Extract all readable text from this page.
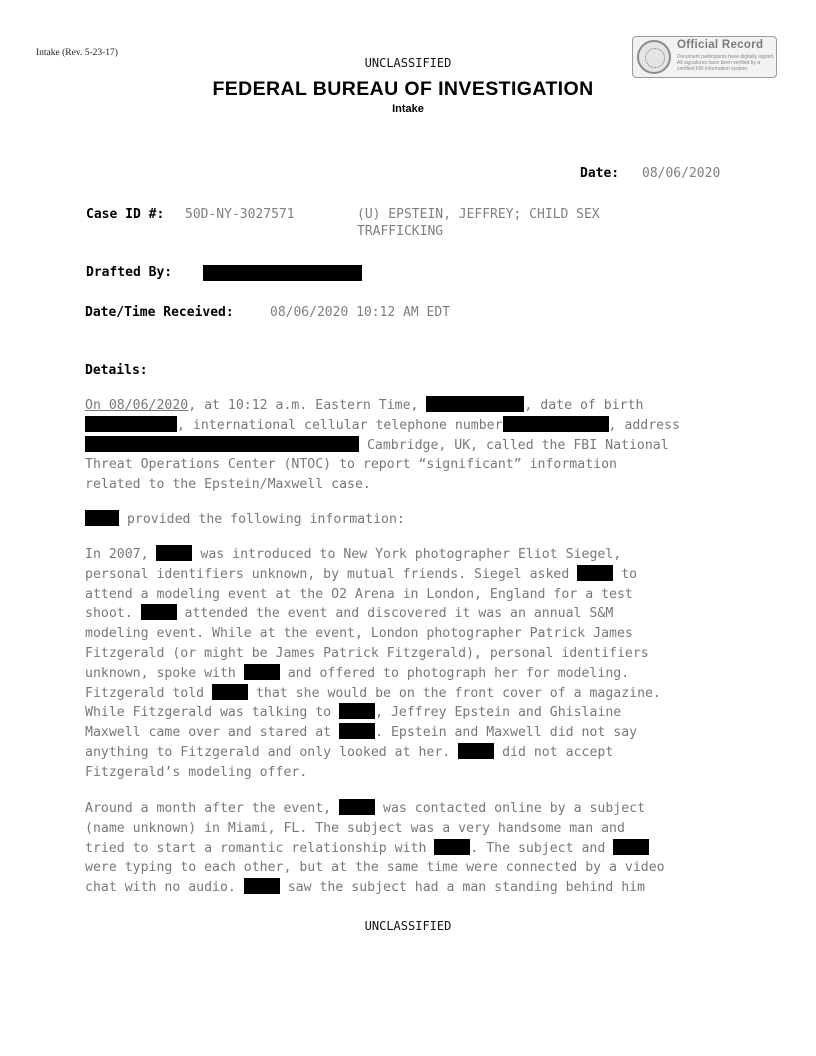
Intake (Rev. 5-23-17)
UNCLASSIFIED
FEDERAL BUREAU OF INVESTIGATION
Intake
Official Record
Document participants have digitally signed. All signatures have been verified by a certified FBI information system.
Date: 08/06/2020
Case ID #: 50D-NY-3027571	(U) EPSTEIN, JEFFREY; CHILD SEX
TRAFFICKING
Drafted By:
Date/Time Received:	08/06/2020 10:12 AM EDT
Details:
On 08/06/2020, at 10:12 a.m. Eastern Time,	, date of birth
, international cellular telephone number	, address
Cambridge, UK, called the FBI National
Threat Operations Center (NTOC) to report “significant” information
related to the Epstein/Maxwell case.
provided the following information:
In 2007,	was introduced to New York photographer Eliot Siegel,
personal identifiers unknown, by mutual friends. Siegel asked	to
attend a modeling event at the O2 Arena in London, England for a test
shoot.	attended the event and discovered it was an annual S&M
modeling event. While at the event, London photographer Patrick James
Fitzgerald (or might be James Patrick Fitzgerald), personal identifiers
unknown, spoke with	and offered to photograph her for modeling.
Fitzgerald told	that she would be on the front cover of a magazine.
While Fitzgerald was talking to	, Jeffrey Epstein and Ghislaine
Maxwell came over and stared at	. Epstein and Maxwell did not say
anything to Fitzgerald and only looked at her.	did not accept
Fitzgerald’s modeling offer.
Around a month after the event,	was contacted online by a subject
(name unknown) in Miami, FL. The subject was a very handsome man and
tried to start a romantic relationship with	. The subject and
were typing to each other, but at the same time were connected by a video
chat with no audio.	saw the subject had a man standing behind him
UNCLASSIFIED
